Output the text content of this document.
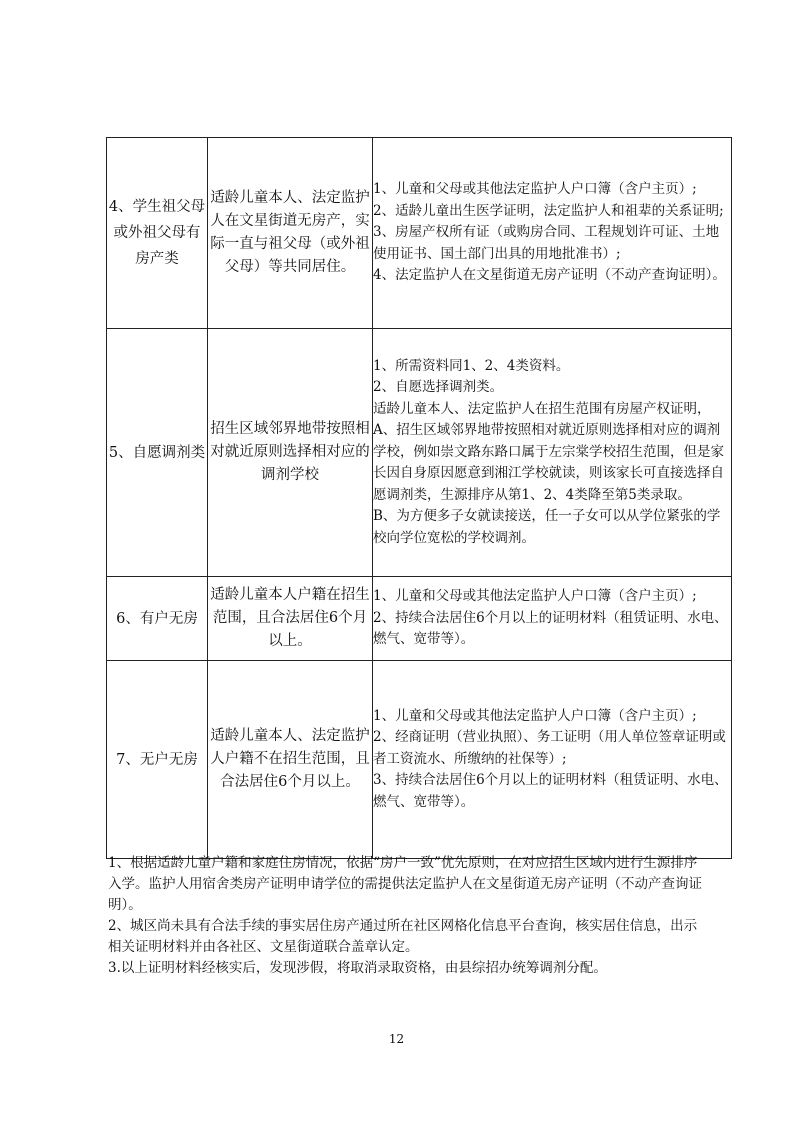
4、学生祖父母或外祖父母有房产类	适龄儿童本人、法定监护人在文星街道无房产，实际一直与祖父母（或外祖父母）等共同居住。	1、儿童和父母或其他法定监护人户口簿（含户主页）;
2、适龄儿童出生医学证明，法定监护人和祖辈的关系证明;
3、房屋产权所有证（或购房合同、工程规划许可证、土地使用证书、国土部门出具的用地批准书）;
4、法定监护人在文星街道无房产证明（不动产查询证明）。

5、自愿调剂类	招生区域邻界地带按照相对就近原则选择相对应的调剂学校	1、所需资料同1、2、4类资料。
2、自愿选择调剂类。
适龄儿童本人、法定监护人在招生范围有房屋产权证明，
A、招生区域邻界地带按照相对就近原则选择相对应的调剂学校，例如崇文路东路口属于左宗棠学校招生范围，但是家长因自身原因愿意到湘江学校就读，则该家长可直接选择自愿调剂类，生源排序从第1、2、4类降至第5类录取。
B、为方便多子女就读接送，任一子女可以从学位紧张的学校向学位宽松的学校调剂。

6、有户无房	适龄儿童本人户籍在招生范围，且合法居住6个月以上。	1、儿童和父母或其他法定监护人户口簿（含户主页）;
2、持续合法居住6个月以上的证明材料（租赁证明、水电、燃气、宽带等）。

7、无户无房	适龄儿童本人、法定监护人户籍不在招生范围，且合法居住6个月以上。	1、儿童和父母或其他法定监护人户口簿（含户主页）;
2、经商证明（营业执照）、务工证明（用人单位签章证明或者工资流水、所缴纳的社保等）;
3、持续合法居住6个月以上的证明材料（租赁证明、水电、燃气、宽带等）。
1、根据适龄儿童户籍和家庭住房情况，依据“房户一致”优先原则，在对应招生区域内进行生源排序入学。监护人用宿舍类房产证明申请学位的需提供法定监护人在文星街道无房产证明（不动产查询证明）。
2、城区尚未具有合法手续的事实居住房产通过所在社区网格化信息平台查询，核实居住信息，出示相关证明材料并由各社区、文星街道联合盖章认定。
3.以上证明材料经核实后，发现涉假，将取消录取资格，由县综招办统筹调剂分配。
12
